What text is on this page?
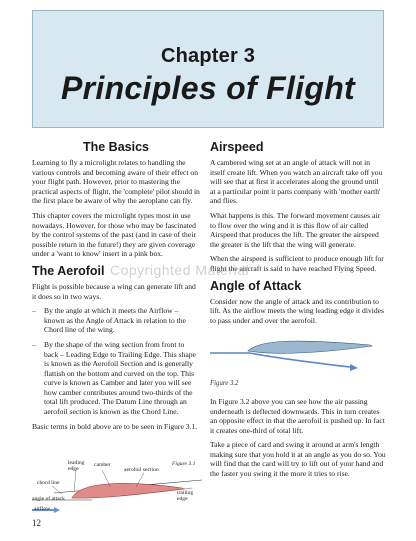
Chapter 3
Principles of Flight
The Basics

Learning to fly a microlight relates to handling the various controls and becoming aware of their effect on your flight path. However, prior to mastering the practical aspects of flight, the 'complete' pilot should in the first place be aware of why the aeroplane can fly.

This chapter covers the microlight types most in use nowadays. However, for those who may be fascinated by the control systems of the past (and in case of their possible return in the future!) they are given coverage under a 'want to know' insert in a pink box.

The Aerofoil

Flight is possible because a wing can generate lift and it does so in two ways.

– By the angle at which it meets the Airflow – known as the Angle of Attack in relation to the Chord line of the wing.
– By the shape of the wing section from front to back – Leading Edge to Trailing Edge. This shape is known as the Aerofoil Section and is generally flattish on the bottom and curved on the top. This curve is known as Camber and later you will see how camber contributes around two-thirds of the total lift produced. The Datum Line through an aerofoil section is known as the Chord Line.

Basic terms in bold above are to be seen in Figure 3.1.

leading edge
camber	Figure 3.1
chord line
aerofoil section
trailing edge
angle of attack
airflow
Airspeed

A cambered wing set at an angle of attack will not in itself create lift. When you watch an aircraft take off you will see that at first it accelerates along the ground until at a particular point it parts company with 'mother earth' and flies.

What happens is this. The forward movement causes air to flow over the wing and it is this flow of air called Airspeed that produces the lift. The greater the airspeed the greater is the lift that the wing will generate.

When the airspeed is sufficient to produce enough lift for flight the aircraft is said to have reached Flying Speed.

Angle of Attack

Consider now the angle of attack and its contribution to lift. As the airflow meets the wing leading edge it divides to pass under and over the aerofoil.

Figure 3.2

In Figure 3.2 above you can see how the air passing underneath is deflected downwards. This in turn creates an opposite effect in that the aerofoil is pushed up. In fact it creates one-third of total lift.

Take a piece of card and swing it around at arm's length making sure that you hold it at an angle as you do so. You will find that the card will try to lift out of your hand and the faster you swing it the more it tries to rise.

Copyrighted Material
12
